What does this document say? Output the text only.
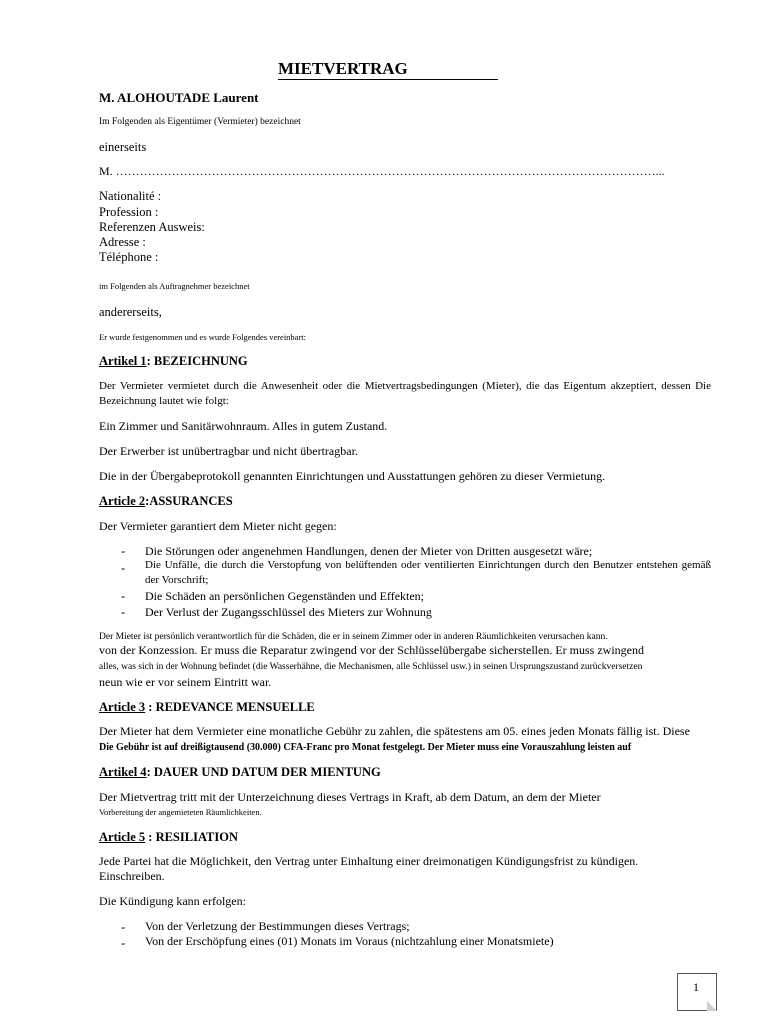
MIETVERTRAG
M. ALOHOUTADE Laurent
Im Folgenden als Eigentümer (Vermieter) bezeichnet
einerseits
M. ………………………………………………………………………………………………………………………...
Nationalité :
Profession :
Referenzen Ausweis:
Adresse :
Téléphone :
im Folgenden als Auftragnehmer bezeichnet
andererseits,
Er wurde festgenommen und es wurde Folgendes vereinbart:
Artikel 1: BEZEICHNUNG
Der Vermieter vermietet durch die Anwesenheit oder die Mietvertragsbedingungen (Mieter), die das Eigentum akzeptiert, dessen Die Bezeichnung lautet wie folgt:
Ein Zimmer und Sanitärwohnraum. Alles in gutem Zustand.
Der Erwerber ist unübertragbar und nicht übertragbar.
Die in der Übergabeprotokoll genannten Einrichtungen und Ausstattungen gehören zu dieser Vermietung.
Article 2:ASSURANCES
Der Vermieter garantiert dem Mieter nicht gegen:
- Die Störungen oder angenehmen Handlungen, denen der Mieter von Dritten ausgesetzt wäre;
- Die Unfälle, die durch die Verstopfung von belüftenden oder ventilierten Einrichtungen durch den Benutzer entstehen gemäß der Vorschrift;
- Die Schäden an persönlichen Gegenständen und Effekten;
- Der Verlust der Zugangsschlüssel des Mieters zur Wohnung
Der Mieter ist persönlich verantwortlich für die Schäden, die er in seinem Zimmer oder in anderen Räumlichkeiten verursachen kann.
von der Konzession. Er muss die Reparatur zwingend vor der Schlüsselübergabe sicherstellen. Er muss zwingend
alles, was sich in der Wohnung befindet (die Wasserhähne, die Mechanismen, alle Schlüssel usw.) in seinen Ursprungszustand zurückversetzen
neun wie er vor seinem Eintritt war.
Article 3 : REDEVANCE MENSUELLE
Der Mieter hat dem Vermieter eine monatliche Gebühr zu zahlen, die spätestens am 05. eines jeden Monats fällig ist. Diese
Die Gebühr ist auf dreißigtausend (30.000) CFA-Franc pro Monat festgelegt. Der Mieter muss eine Vorauszahlung leisten auf
Artikel 4: DAUER UND DATUM DER MIENTUNG
Der Mietvertrag tritt mit der Unterzeichnung dieses Vertrags in Kraft, ab dem Datum, an dem der Mieter
Vorbereitung der angemieteten Räumlichkeiten.
Article 5 : RESILIATION
Jede Partei hat die Möglichkeit, den Vertrag unter Einhaltung einer dreimonatigen Kündigungsfrist zu kündigen.
Einschreiben.
Die Kündigung kann erfolgen:
- Von der Verletzung der Bestimmungen dieses Vertrags;
- Von der Erschöpfung eines (01) Monats im Voraus (nichtzahlung einer Monatsmiete)
1
